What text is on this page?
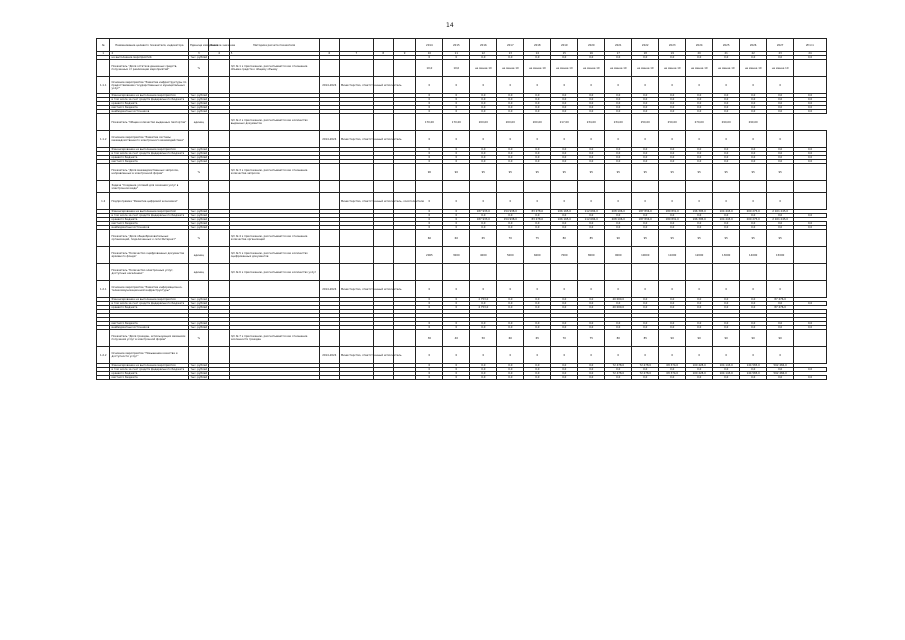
14
№	Наименование целевого показателя, индикатора	Единица измерения	Базовое значение	Методика расчета показателя					2014	2015	2016	2017	2018	2019	2020	2021	2022	2023	2024	2025	2026	2027	Итого
1	2	3	4	5	6	7	8	9	10	11	12	13	14	15	16	17	18	19	20	21	22	23	24
	на выполнение мероприятий	тыс. рублей							0	0	0,0	0,0	0,0	0,0	0,0	0,0	0,0	0,0	0,0	0,0	0,0	0,0	0,0
	Показатель "Доля остатков денежных средств, полученных от реализации мероприятий"	%		п/п № 1 к приложению, рассчитывается как отношение объема средств к общему объему					10,0	10,0	не менее 10	не менее 10	не менее 10	не менее 10	не менее 10	не менее 10	не менее 10	не менее 10	не менее 10	не менее 10	не менее 10	не менее 10	
1.1.1	Основное мероприятие "Развитие инфраструктуры по предоставлению государственных и муниципальных услуг"				2014-2024	Министерство, ответственный исполнитель			0	0	0	0	0	0	0	0	0	0	0	0	0	0	
	Финансирование на выполнение мероприятия	тыс. рублей							0	0	0,0	0,0	0,0	0,0	0,0	0,0	0,0	0,0	0,0	0,0	0,0	0,0	0,0
	в том числе за счет средств федерального бюджета	тыс. рублей							0	0	0,0	0,0	0,0	0,0	0,0	0,0	0,0	0,0	0,0	0,0	0,0	0,0	0,0
	краевого бюджета	тыс. рублей							0	0	0,0	0,0	0,0	0,0	0,0	0,0	0,0	0,0	0,0	0,0	0,0	0,0	0,0
	местного бюджета	тыс. рублей							0	0	0,0	0,0	0,0	0,0	0,0	0,0	0,0	0,0	0,0	0,0	0,0	0,0	0,0
	внебюджетных источников	тыс. рублей							0	0	0,0	0,0	0,0	0,0	0,0	0,0	0,0	0,0	0,0	0,0	0,0	0,0	0,0
	Показатель "Общее количество выданных паспортов"	единиц		п/п № 2 к приложению, рассчитывается как количество выданных документов					170,00	170,00	200,00	200,00	200,00	217,00	234,00	234,00	250,00	250,00	270,00	290,00	290,00		
1.1.2	Основное мероприятие "Развитие системы межведомственного электронного взаимодействия"				2014-2024	Министерство, ответственный исполнитель			0	0	0	0	0	0	0	0	0	0	0	0	0	0	
	Финансирование на выполнение мероприятия	тыс. рублей							0	0	0,0	0,0	0,0	0,0	0,0	0,0	0,0	0,0	0,0	0,0	0,0	0,0	0,0
	в том числе за счет средств федерального бюджета	тыс. рублей							0	0	0,0	0,0	0,0	0,0	0,0	0,0	0,0	0,0	0,0	0,0	0,0	0,0	0,0
	краевого бюджета	тыс. рублей							0	0	0,0	0,0	0,0	0,0	0,0	0,0	0,0	0,0	0,0	0,0	0,0	0,0	0,0
	местного бюджета	тыс. рублей							0	0	0,0	0,0	0,0	0,0	0,0	0,0	0,0	0,0	0,0	0,0	0,0	0,0	0,0
	Показатель "Доля межведомственных запросов, направленных в электронной форме"	%		п/п № 3 к приложению, рассчитывается как отношение количества запросов					90	90	95	95	95	95	95	95	95	95	95	95	95	95	
	Задача "Создание условий для оказания услуг в электронном виде"																						
1.2	Подпрограмма "Развитие цифровой экономики"					Министерство, ответственный исполнитель, соисполнители			0	0	0	0	0	0	0	0	0	0	0	0	0	0	
	Финансирование на выполнение мероприятий	тыс. рублей							0	0	187 933,0	154 938,0	83 278,0	106 165,0	112 684,0	208 106,0	187 834,0	180 831,0	196 395,0	104 443,0	200 275,0	2 101 245,0	
	в том числе за счет средств федерального бюджета	тыс. рублей							0	0	0,0	0,0	0,0	0,0	0,0	0,0	0,0	0,0	0,0	0,0	0,0	0,0	0,0
	краевого бюджета	тыс. рублей							0	0	187 933,0	154 938,0	83 278,0	106 165,0	112 684,0	208 106,0	187 834,0	180 831,0	196 395,0	104 443,0	200 275,0	2 101 245,0	
	местного бюджета	тыс. рублей							0	0	0,0	0,0	0,0	0,0	0,0	0,0	0,0	0,0	0,0	0,0	0,0	0,0	0,0
	внебюджетных источников	тыс. рублей							0	0	0,0	0,0	0,0	0,0	0,0	0,0	0,0	0,0	0,0	0,0	0,0	0,0	0,0
	Показатель "Доля общеобразовательных организаций, подключенных к сети Интернет"	%		п/п № 4 к приложению, рассчитывается как отношение количества организаций					60	60	65	70	75	80	85	90	95	95	95	95	95	95	
	Показатель "Количество оцифрованных документов архивного фонда"	единиц		п/п № 5 к приложению, рассчитывается как количество оцифрованных документов					2065	3000	4000	5000	6000	7000	8000	9000	10000	11000	12000	13000	14000	15000	
	Показатель "Количество электронных услуг, доступных населению"	единиц		п/п № 6 к приложению, рассчитывается как количество услуг																			
1.2.1	Основное мероприятие "Развитие информационно-телекоммуникационной инфраструктуры"				2014-2024	Министерство, ответственный исполнитель			0	0	0	0	0	0	0	0	0	0	0	0	0	0	
	Финансирование на выполнение мероприятия	тыс. рублей							0	0	4 753,0	0,0	0,0	0,0	0,0	40 000,0	0,0	0,0	0,0	0,0	0,0	87 476,0	
	в том числе за счет средств федерального бюджета	тыс. рублей							0	0	0,0	0,0	0,0	0,0	0,0	0,0	0,0	0,0	0,0	0,0	0,0	0,0	0,0
	краевого бюджета	тыс. рублей							0	0	4 753,0	0,0	0,0	0,0	0,0	40 000,0	0,0	0,0	0,0	0,0	0,0	87 476,0	

	местного бюджета	тыс. рублей							0	0	0,0	0,0	0,0	0,0	0,0	0,0	0,0	0,0	0,0	0,0	0,0	0,0	0,0
	внебюджетных источников	тыс. рублей							0	0	0,0	0,0	0,0	0,0	0,0	0,0	0,0	0,0	0,0	0,0	0,0	0,0	0,0
	Показатель "Доля граждан, использующих механизм получения услуг в электронной форме"	%		п/п № 7 к приложению, рассчитывается как отношение численности граждан					30	40	50	60	65	70	75	80	85	90	90	90	90	90	
1.2.2	Основное мероприятие "Повышение качества и доступности услуг"				2014-2024	Министерство, ответственный исполнитель			0	0	0	0	0	0	0	0	0	0	0	0	0	0	
	Финансирование на выполнение мероприятия	тыс. рублей							0	0	0,0	0,0	0,0	0,0	0,0	72 478,0	72 478,0	68 374,0	100 428,0	104 143,0	144 583,0	562 484,0	
	в том числе за счет средств федерального бюджета	тыс. рублей							0	0	0,0	0,0	0,0	0,0	0,0	0,0	0,0	0,0	0,0	0,0	0,0	0,0	0,0
	краевого бюджета	тыс. рублей							0	0	0,0	0,0	0,0	0,0	0,0	72 478,0	72 478,0	68 374,0	100 428,0	104 143,0	144 583,0	562 484,0	
	местного бюджета	тыс. рублей							0	0	0,0	0,0	0,0	0,0	0,0	0,0	0,0	0,0	0,0	0,0	0,0	0,0	0,0
